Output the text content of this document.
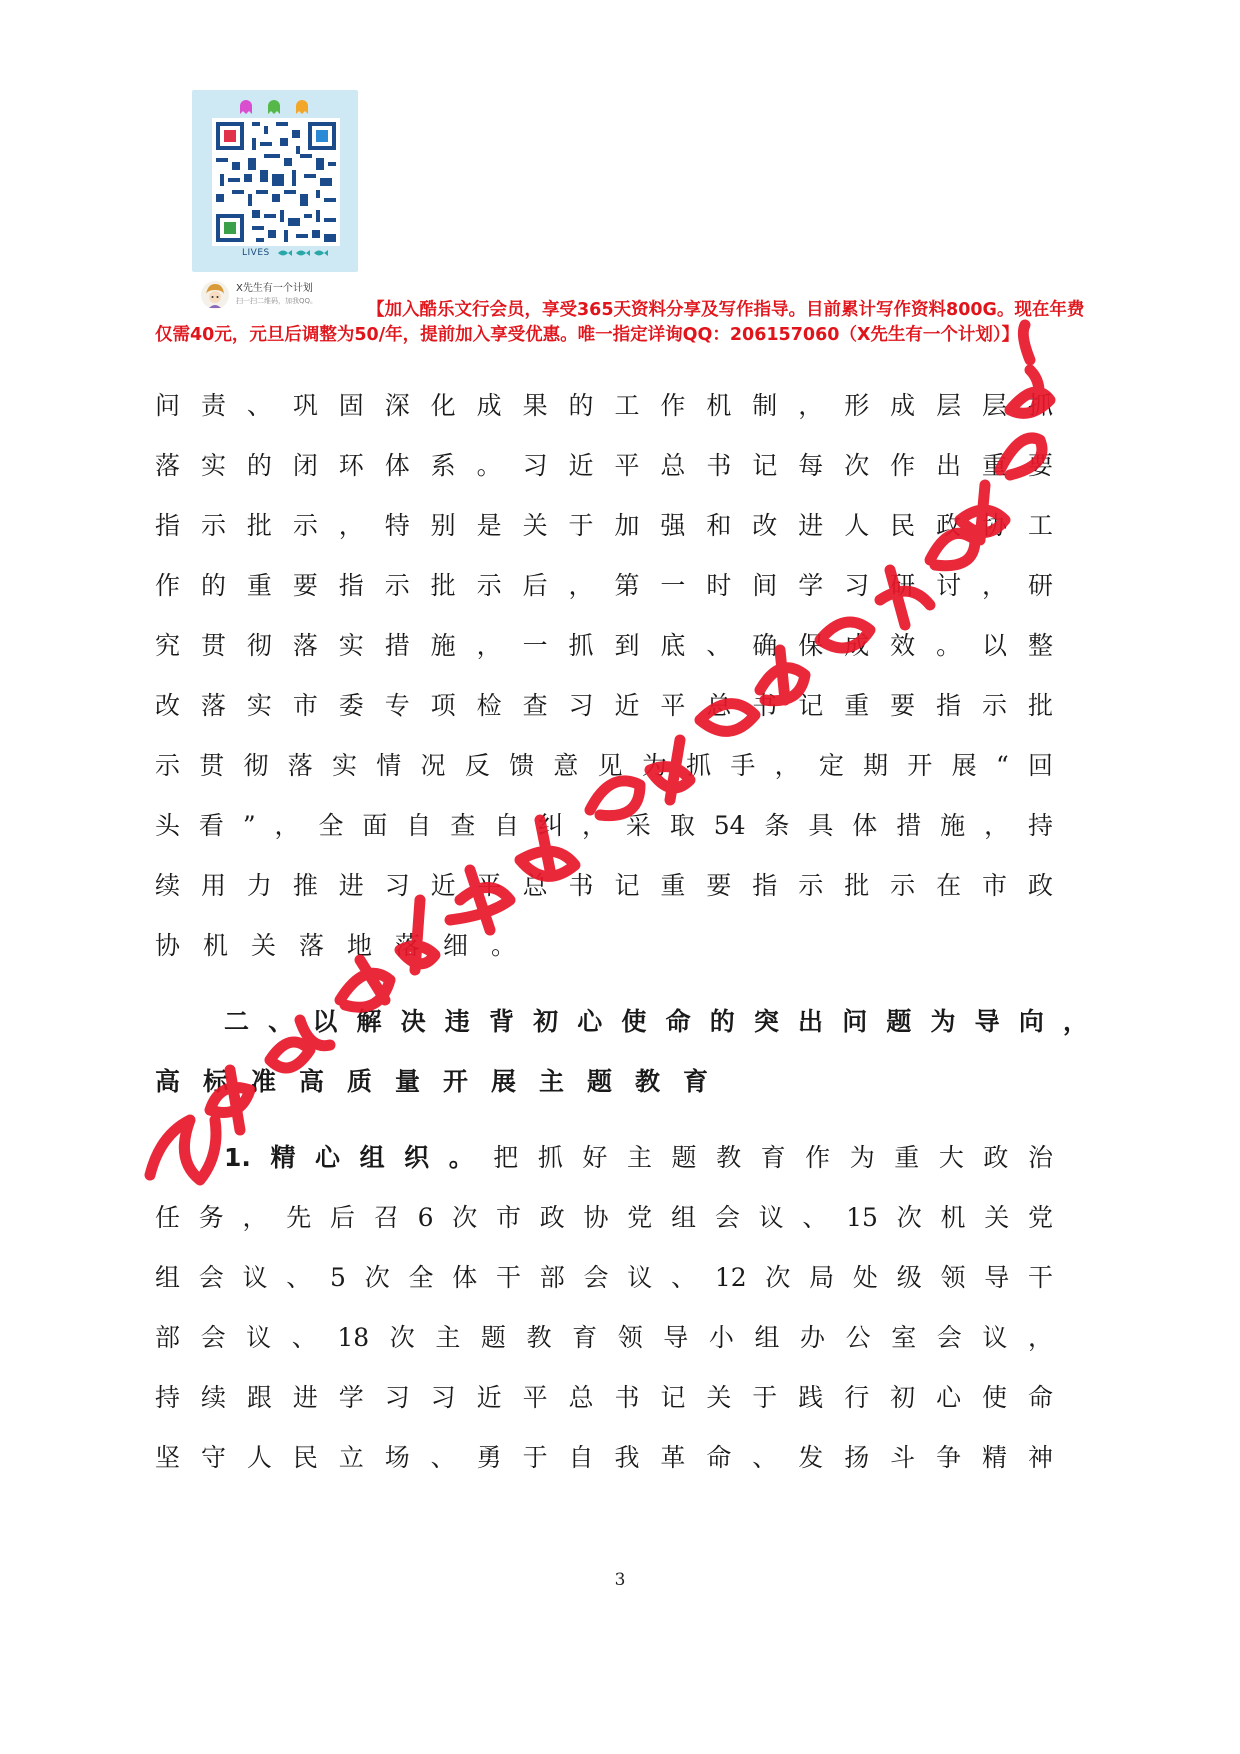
LIVES
X先生有一个计划
扫一扫二维码，加我QQ。	【加入酷乐文行会员，享受365天资料分享及写作指导。目前累计写作资料800G。现在年费仅需40元，元旦后调整为50/年，提前加入享受优惠。唯一指定详询QQ：206157060（X先生有一个计划）】
问责、巩固深化成果的工作机制，形成层层抓
落实的闭环体系。习近平总书记每次作出重要
指示批示，特别是关于加强和改进人民政协工
作的重要指示批示后，第一时间学习研讨，研
究贯彻落实措施，一抓到底、确保成效。以整
改落实市委专项检查习近平总书记重要指示批
示贯彻落实情况反馈意见为抓手，定期开展“回
头看”，全面自查自纠，采取54条具体措施，持
续用力推进习近平总书记重要指示批示在市政
协机关落地落细。
二、以解决违背初心使命的突出问题为导向，
高标准高质量开展主题教育
1.精心组织。把抓好主题教育作为重大政治
任务，先后召6次市政协党组会议、15次机关党
组会议、5次全体干部会议、12次局处级领导干
部会议、18次主题教育领导小组办公室会议，
持续跟进学习习近平总书记关于践行初心使命
坚守人民立场、勇于自我革命、发扬斗争精神
3
